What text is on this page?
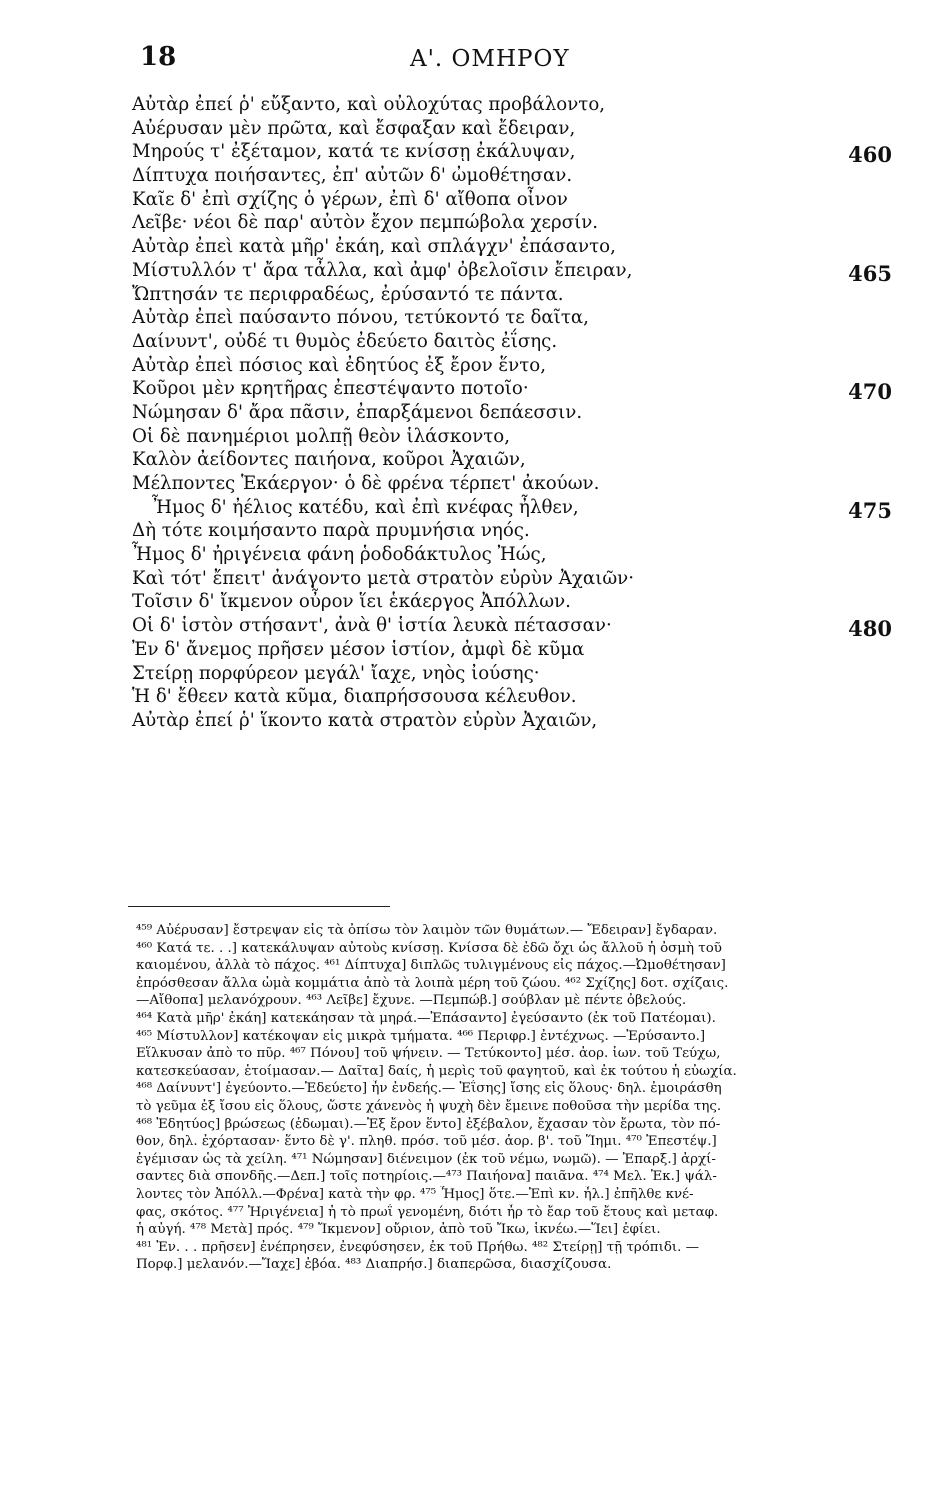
18	Α'. ΟΜΗΡΟΥ
Αὐτὰρ ἐπεί ῥ' εὔξαντο, καὶ οὐλοχύτας προβάλοντο,
Αὐέρυσαν μὲν πρῶτα, καὶ ἔσφαξαν καὶ ἔδειραν,
Μηρούς τ' ἐξέταμον, κατά τε κνίσσῃ ἐκάλυψαν,	460
Δίπτυχα ποιήσαντες, ἐπ' αὐτῶν δ' ὠμοθέτησαν.
Καῖε δ' ἐπὶ σχίζης ὁ γέρων, ἐπὶ δ' αἴθοπα οἶνον
Λεῖβε· νέοι δὲ παρ' αὐτὸν ἔχον πεμπώβολα χερσίν.
Αὐτὰρ ἐπεὶ κατὰ μῆρ' ἐκάη, καὶ σπλάγχν' ἐπάσαντο,
Μίστυλλόν τ' ἄρα τἆλλα, καὶ ἀμφ' ὀβελοῖσιν ἔπειραν,	465
Ὤπτησάν τε περιφραδέως, ἐρύσαντό τε πάντα.
Αὐτὰρ ἐπεὶ παύσαντο πόνου, τετύκοντό τε δαῖτα,
Δαίνυντ', οὐδέ τι θυμὸς ἐδεύετο δαιτὸς ἐΐσης.
Αὐτὰρ ἐπεὶ πόσιος καὶ ἐδητύος ἐξ ἔρον ἕντο,
Κοῦροι μὲν κρητῆρας ἐπεστέψαντο ποτοῖο·	470
Νώμησαν δ' ἄρα πᾶσιν, ἐπαρξάμενοι δεπάεσσιν.
Οἱ δὲ πανημέριοι μολπῇ θεὸν ἱλάσκοντο,
Καλὸν ἀείδοντες παιήονα, κοῦροι Ἀχαιῶν,
Μέλποντες Ἑκάεργον· ὁ δὲ φρένα τέρπετ' ἀκούων.
Ἦμος δ' ἠέλιος κατέδυ, καὶ ἐπὶ κνέφας ἦλθεν,	475
Δὴ τότε κοιμήσαντο παρὰ πρυμνήσια νηός.
Ἦμος δ' ἠριγένεια φάνη ῥοδοδάκτυλος Ἠώς,
Καὶ τότ' ἔπειτ' ἀνάγοντο μετὰ στρατὸν εὐρὺν Ἀχαιῶν·
Τοῖσιν δ' ἴκμενον οὖρον ἵει ἑκάεργος Ἀπόλλων.
Οἱ δ' ἱστὸν στήσαντ', ἀνὰ θ' ἱστία λευκὰ πέτασσαν·	480
Ἐν δ' ἄνεμος πρῆσεν μέσον ἱστίον, ἀμφὶ δὲ κῦμα
Στείρῃ πορφύρεον μεγάλ' ἴαχε, νηὸς ἰούσης·
Ἡ δ' ἔθεεν κατὰ κῦμα, διαπρήσσουσα κέλευθον.
Αὐτὰρ ἐπεί ῥ' ἵκοντο κατὰ στρατὸν εὐρὺν Ἀχαιῶν,
⁴⁵⁹ Αὐέρυσαν] ἔστρεψαν εἰς τὰ ὀπίσω τὸν λαιμὸν τῶν θυμάτων.— Ἔδειραν] ἔγδαραν.
⁴⁶⁰ Κατά τε. . .] κατεκάλυψαν αὐτοὺς κνίσσῃ. Κνίσσα δὲ ἐδῶ ὄχι ὡς ἄλλοῦ ἡ ὀσμὴ τοῦ
καιομένου, ἀλλὰ τὸ πάχος. ⁴⁶¹ Δίπτυχα] διπλῶς τυλιγμένους εἰς πάχος.—Ὠμοθέτησαν]
ἐπρόσθεσαν ἄλλα ὠμὰ κομμάτια ἀπὸ τὰ λοιπὰ μέρη τοῦ ζώου. ⁴⁶² Σχίζης] δοτ. σχίζαις.
—Αἴθοπα] μελανόχρουν. ⁴⁶³ Λεῖβε] ἔχυνε. —Πεμπώβ.] σούβλαν μὲ πέντε ὀβελούς.
⁴⁶⁴ Κατὰ μῆρ' ἐκάη] κατεκάησαν τὰ μηρά.—Ἐπάσαντο] ἐγεύσαντο (ἐκ τοῦ Πατέομαι).
⁴⁶⁵ Μίστυλλον] κατέκοψαν εἰς μικρὰ τμήματα. ⁴⁶⁶ Περιφρ.] ἐντέχνως. —Ἐρύσαντο.]
Εἵλκυσαν ἀπὸ το πῦρ. ⁴⁶⁷ Πόνου] τοῦ ψήνειν. — Τετύκοντο] μέσ. ἀορ. ἰων. τοῦ Τεύχω,
κατεσκεύασαν, ἑτοίμασαν.— Δαῖτα] δαίς, ἡ μερὶς τοῦ φαγητοῦ, καὶ ἐκ τούτου ἡ εὐωχία.
⁴⁶⁸ Δαίνυντ'] ἐγεύοντο.—Ἐδεύετο] ἦν ἐνδεής.— Ἐΐσης] ἴσης εἰς ὅλους· δηλ. ἐμοιράσθη
τὸ γεῦμα ἐξ ἴσου εἰς ὅλους, ὥστε χάνενὸς ἡ ψυχὴ δὲν ἔμεινε ποθοῦσα τὴν μερίδα της.
⁴⁶⁸ Ἐδητύος] βρώσεως (ἐδωμαι).—Ἐξ ἔρον ἕντο] ἐξέβαλον, ἔχασαν τὸν ἔρωτα, τὸν πό-
θον, δηλ. ἐχόρτασαν· ἕντο δὲ γ'. πληθ. πρόσ. τοῦ μέσ. ἀορ. β'. τοῦ Ἵημι. ⁴⁷⁰ Ἐπεστέψ.]
ἐγέμισαν ὡς τὰ χείλη. ⁴⁷¹ Νώμησαν] διένειμον (ἐκ τοῦ νέμω, νωμῶ). — Ἐπαρξ.] ἀρχί-
σαντες διὰ σπονδῆς.—Δεπ.] τοῖς ποτηρίοις.—⁴⁷³ Παιήονα] παιᾶνα. ⁴⁷⁴ Μελ. Ἐκ.] ψάλ-
λοντες τὸν Ἀπόλλ.—Φρένα] κατὰ τὴν φρ. ⁴⁷⁵ Ἦμος] ὅτε.—Ἐπὶ κν. ἦλ.] ἐπῆλθε κνέ-
φας, σκότος. ⁴⁷⁷ Ἠριγένεια] ἡ τὸ πρωΐ γενομένη, διότι ἦρ τὸ ἔαρ τοῦ ἔτους καὶ μεταφ.
ἡ αὐγή. ⁴⁷⁸ Μετὰ] πρός. ⁴⁷⁹ Ἴκμενον] οὔριον, ἀπὸ τοῦ Ἴκω, ἱκνέω.—Ἵει] ἐφίει.
⁴⁸¹ Ἐν. . . πρῆσεν] ἐνέπρησεν, ἐνεφύσησεν, ἐκ τοῦ Πρήθω. ⁴⁸² Στείρῃ] τῇ τρόπιδι. —
Πορφ.] μελανόν.—Ἴαχε] ἐβόα. ⁴⁸³ Διαπρήσ.] διαπερῶσα, διασχίζουσα.
